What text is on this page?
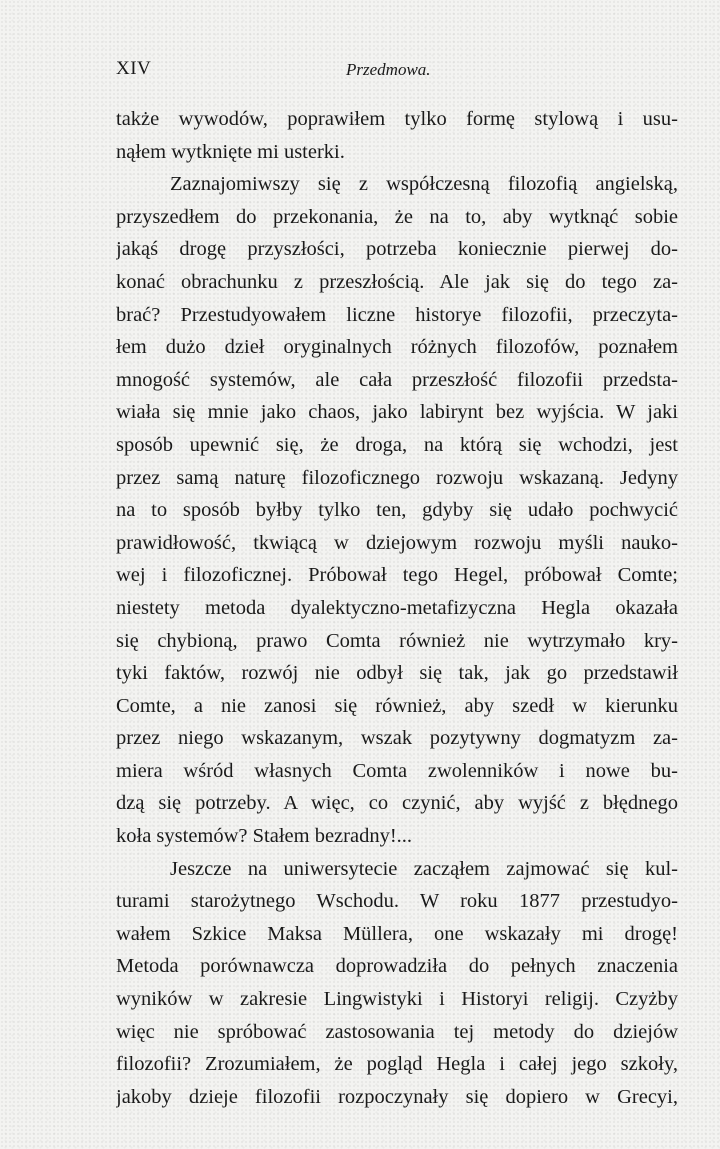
XIV	Przedmowa.
także wywodów, poprawiłem tylko formę stylową i usu-
nąłem wytknięte mi usterki.
Zaznajomiwszy się z współczesną filozofią angielską,
przyszedłem do przekonania, że na to, aby wytknąć sobie
jakąś drogę przyszłości, potrzeba koniecznie pierwej do-
konać obrachunku z przeszłością. Ale jak się do tego za-
brać? Przestudyowałem liczne historye filozofii, przeczyta-
łem dużo dzieł oryginalnych różnych filozofów, poznałem
mnogość systemów, ale cała przeszłość filozofii przedsta-
wiała się mnie jako chaos, jako labirynt bez wyjścia. W jaki
sposób upewnić się, że droga, na którą się wchodzi, jest
przez samą naturę filozoficznego rozwoju wskazaną. Jedyny
na to sposób byłby tylko ten, gdyby się udało pochwycić
prawidłowość, tkwiącą w dziejowym rozwoju myśli nauko-
wej i filozoficznej. Próbował tego Hegel, próbował Comte;
niestety metoda dyalektyczno-metafizyczna Hegla okazała
się chybioną, prawo Comta również nie wytrzymało kry-
tyki faktów, rozwój nie odbył się tak, jak go przedstawił
Comte, a nie zanosi się również, aby szedł w kierunku
przez niego wskazanym, wszak pozytywny dogmatyzm za-
miera wśród własnych Comta zwolenników i nowe bu-
dzą się potrzeby. A więc, co czynić, aby wyjść z błędnego
koła systemów? Stałem bezradny!...
Jeszcze na uniwersytecie zacząłem zajmować się kul-
turami starożytnego Wschodu. W roku 1877 przestudyo-
wałem Szkice Maksa Müllera, one wskazały mi drogę!
Metoda porównawcza doprowadziła do pełnych znaczenia
wyników w zakresie Lingwistyki i Historyi religij. Czyżby
więc nie spróbować zastosowania tej metody do dziejów
filozofii? Zrozumiałem, że pogląd Hegla i całej jego szkoły,
jakoby dzieje filozofii rozpoczynały się dopiero w Grecyi,
